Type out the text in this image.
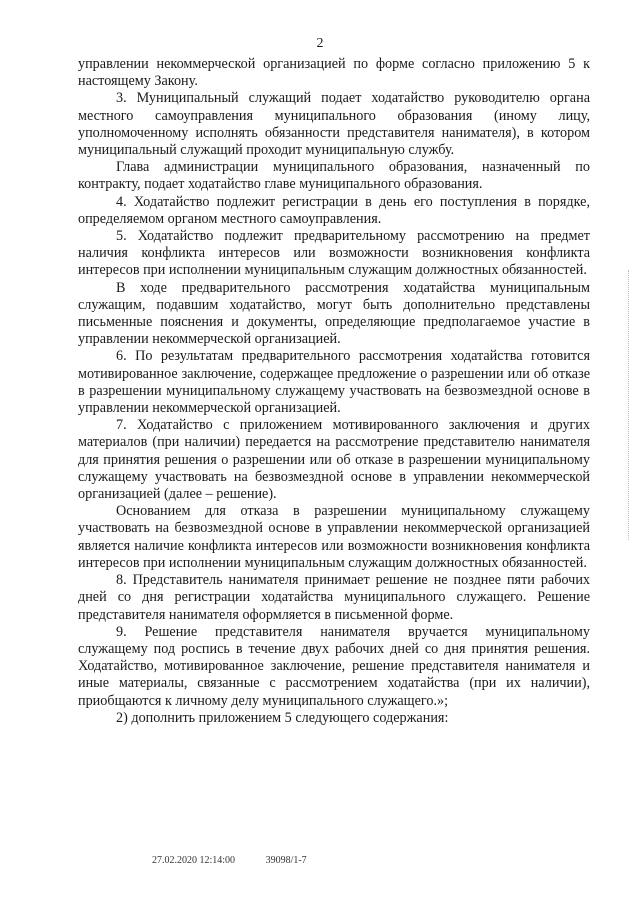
2

управлении некоммерческой организацией по форме согласно приложению 5 к настоящему Закону.

3. Муниципальный служащий подает ходатайство руководителю органа местного самоуправления муниципального образования (иному лицу, уполномоченному исполнять обязанности представителя нанимателя), в котором муниципальный служащий проходит муниципальную службу.

Глава администрации муниципального образования, назначенный по контракту, подает ходатайство главе муниципального образования.

4. Ходатайство подлежит регистрации в день его поступления в порядке, определяемом органом местного самоуправления.

5. Ходатайство подлежит предварительному рассмотрению на предмет наличия конфликта интересов или возможности возникновения конфликта интересов при исполнении муниципальным служащим должностных обязанностей.

В ходе предварительного рассмотрения ходатайства муниципальным служащим, подавшим ходатайство, могут быть дополнительно представлены письменные пояснения и документы, определяющие предполагаемое участие в управлении некоммерческой организацией.

6. По результатам предварительного рассмотрения ходатайства готовится мотивированное заключение, содержащее предложение о разрешении или об отказе в разрешении муниципальному служащему участвовать на безвозмездной основе в управлении некоммерческой организацией.

7. Ходатайство с приложением мотивированного заключения и других материалов (при наличии) передается на рассмотрение представителю нанимателя для принятия решения о разрешении или об отказе в разрешении муниципальному служащему участвовать на безвозмездной основе в управлении некоммерческой организацией (далее – решение).

Основанием для отказа в разрешении муниципальному служащему участвовать на безвозмездной основе в управлении некоммерческой организацией является наличие конфликта интересов или возможности возникновения конфликта интересов при исполнении муниципальным служащим должностных обязанностей.

8. Представитель нанимателя принимает решение не позднее пяти рабочих дней со дня регистрации ходатайства муниципального служащего. Решение представителя нанимателя оформляется в письменной форме.

9. Решение представителя нанимателя вручается муниципальному служащему под роспись в течение двух рабочих дней со дня принятия решения. Ходатайство, мотивированное заключение, решение представителя нанимателя и иные материалы, связанные с рассмотрением ходатайства (при их наличии), приобщаются к личному делу муниципального служащего.»;

2) дополнить приложением 5 следующего содержания:

27.02.2020 12:14:00	39098/1-7
